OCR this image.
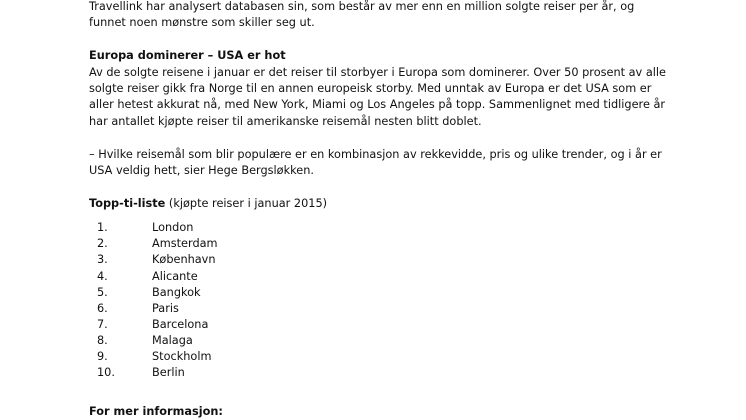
Travellink har analysert databasen sin, som består av mer enn en million solgte reiser per år, og

funnet noen mønstre som skiller seg ut.

Europa dominerer – USA er hot

Av de solgte reisene i januar er det reiser til storbyer i Europa som dominerer. Over 50 prosent av alle

solgte reiser gikk fra Norge til en annen europeisk storby. Med unntak av Europa er det USA som er

aller hetest akkurat nå, med New York, Miami og Los Angeles på topp. Sammenlignet med tidligere år

har antallet kjøpte reiser til amerikanske reisemål nesten blitt doblet.

– Hvilke reisemål som blir populære er en kombinasjon av rekkevidde, pris og ulike trender, og i år er

USA veldig hett, sier Hege Bergsløkken.

Topp-ti-liste (kjøpte reiser i januar 2015)

1.	London
2.	Amsterdam
3.	København
4.	Alicante
5.	Bangkok
6.	Paris
7.	Barcelona
8.	Malaga
9.	Stockholm
10.	Berlin

For mer informasjon:
